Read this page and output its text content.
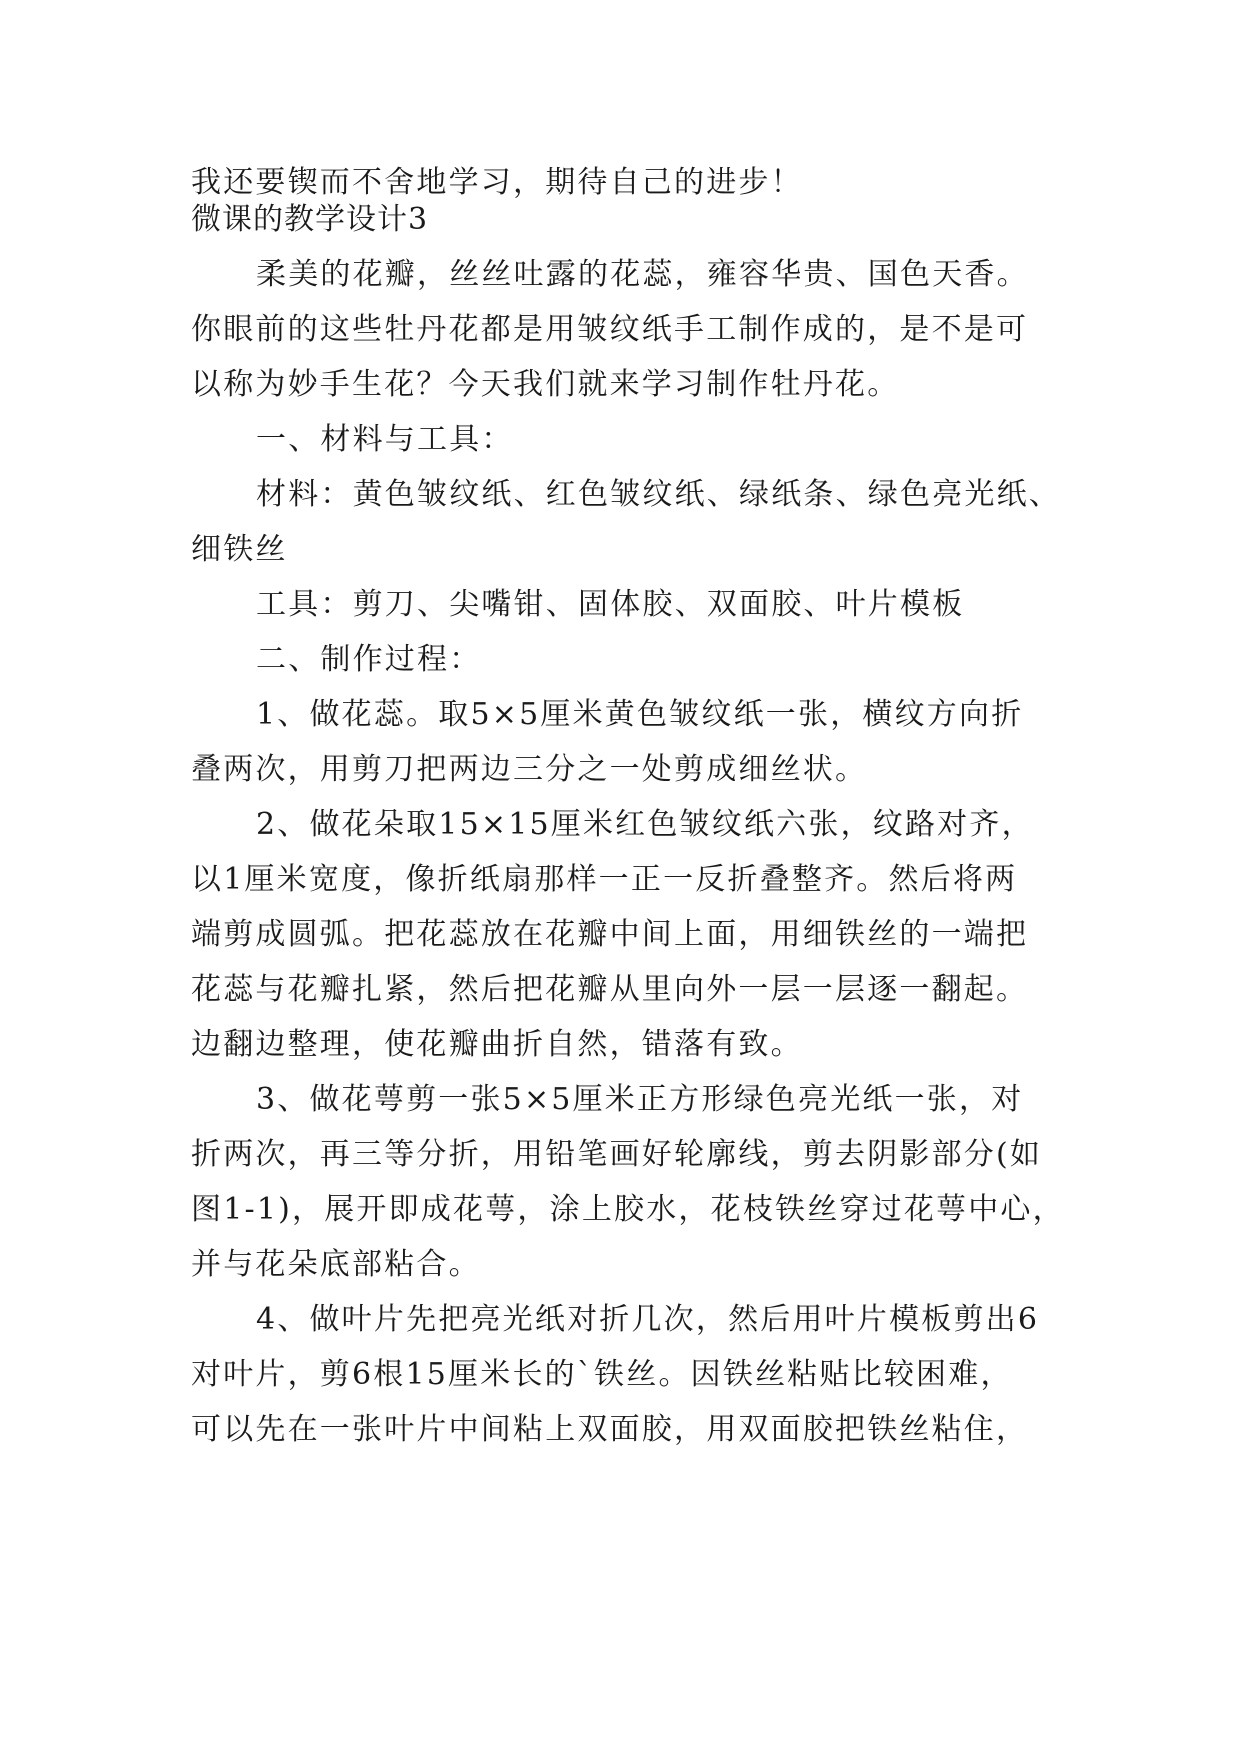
我还要锲而不舍地学习，期待自己的进步！
微课的教学设计3
柔美的花瓣，丝丝吐露的花蕊，雍容华贵、国色天香。
你眼前的这些牡丹花都是用皱纹纸手工制作成的，是不是可
以称为妙手生花？今天我们就来学习制作牡丹花。
一、材料与工具：
材料：黄色皱纹纸、红色皱纹纸、绿纸条、绿色亮光纸、
细铁丝
工具：剪刀、尖嘴钳、固体胶、双面胶、叶片模板
二、制作过程：
1、做花蕊。取5×5厘米黄色皱纹纸一张，横纹方向折
叠两次，用剪刀把两边三分之一处剪成细丝状。
2、做花朵取15×15厘米红色皱纹纸六张，纹路对齐，
以1厘米宽度，像折纸扇那样一正一反折叠整齐。然后将两
端剪成圆弧。把花蕊放在花瓣中间上面，用细铁丝的一端把
花蕊与花瓣扎紧，然后把花瓣从里向外一层一层逐一翻起。
边翻边整理，使花瓣曲折自然，错落有致。
3、做花萼剪一张5×5厘米正方形绿色亮光纸一张，对
折两次，再三等分折，用铅笔画好轮廓线，剪去阴影部分(如
图1-1)，展开即成花萼，涂上胶水，花枝铁丝穿过花萼中心，
并与花朵底部粘合。
4、做叶片先把亮光纸对折几次，然后用叶片模板剪出6
对叶片，剪6根15厘米长的`铁丝。因铁丝粘贴比较困难，
可以先在一张叶片中间粘上双面胶，用双面胶把铁丝粘住，
